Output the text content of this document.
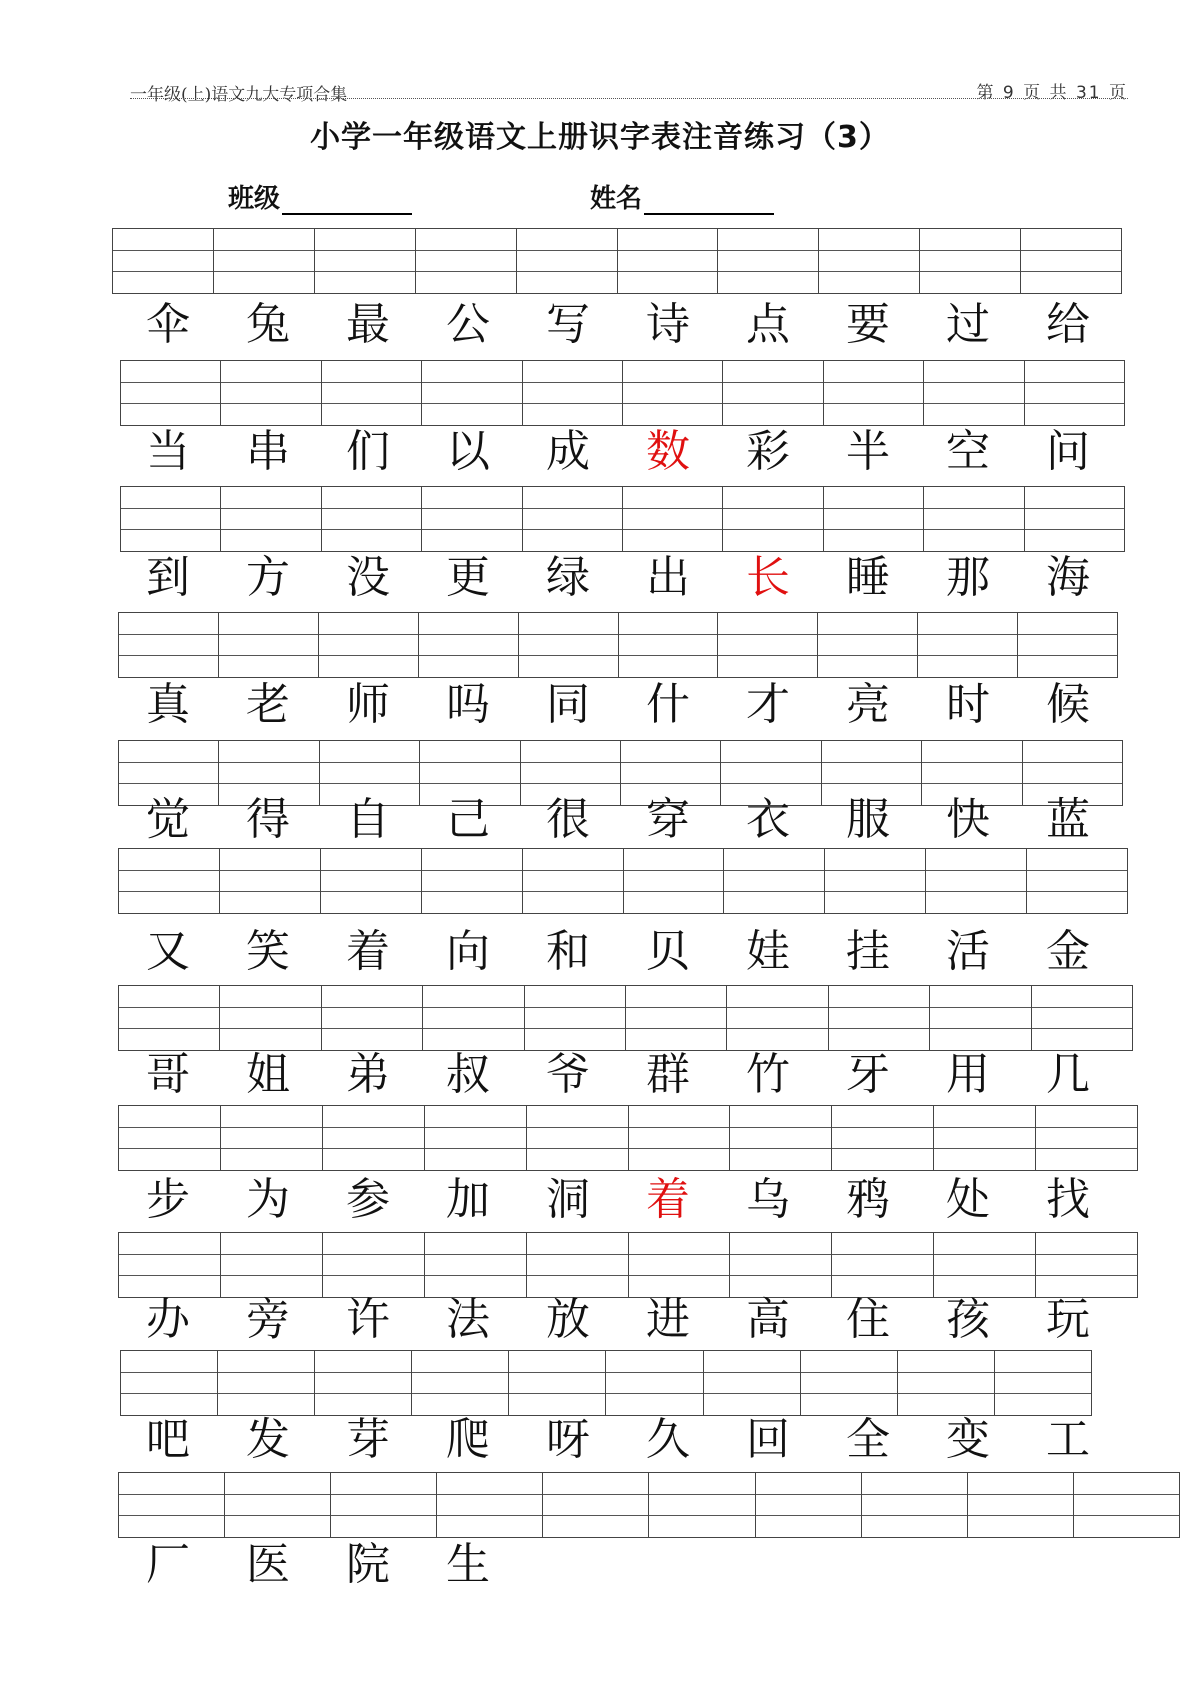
一年级(上)语文九大专项合集	第 9 页 共 31 页
小学一年级语文上册识字表注音练习（3）
班级	姓名
伞	兔	最	公	写	诗	点	要	过	给
当	串	们	以	成	数	彩	半	空	问
到	方	没	更	绿	出	长	睡	那	海
真	老	师	吗	同	什	才	亮	时	候
觉	得	自	己	很	穿	衣	服	快	蓝
又	笑	着	向	和	贝	娃	挂	活	金
哥	姐	弟	叔	爷	群	竹	牙	用	几
步	为	参	加	洞	着	乌	鸦	处	找
办	旁	许	法	放	进	高	住	孩	玩
吧	发	芽	爬	呀	久	回	全	变	工
厂	医	院	生
